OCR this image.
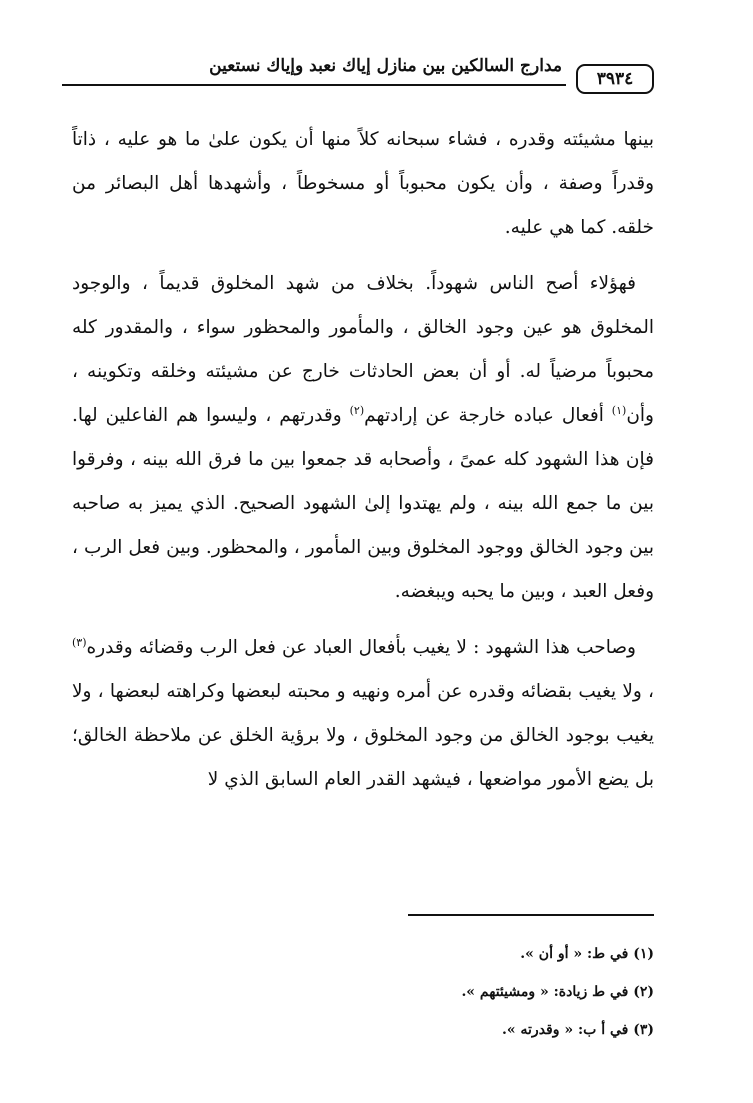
مدارج السالكين بين منازل إياك نعبد وإياك نستعين
٣٩٣٤

بينها مشيئته وقدره ، فشاء سبحانه كلاً منها أن يكون علىٰ ما هو عليه ، ذاتاً وقدراً وصفة ، وأن يكون محبوباً أو مسخوطاً ، وأشهدها أهل البصائر من خلقه. كما هي عليه.

فهؤلاء أصح الناس شهوداً. بخلاف من شهد المخلوق قديماً ، والوجود المخلوق هو عين وجود الخالق ، والمأمور والمحظور سواء ، والمقدور كله محبوباً مرضياً له. أو أن بعض الحادثات خارج عن مشيئته وخلقه وتكوينه ، وأن$^{(١)}$ أفعال عباده خارجة عن إرادتهم$^{(٢)}$ وقدرتهم ، وليسوا هم الفاعلين لها. فإن هذا الشهود كله عمىً ، وأصحابه قد جمعوا بين ما فرق الله بينه ، وفرقوا بين ما جمع الله بينه ، ولم يهتدوا إلىٰ الشهود الصحيح. الذي يميز به صاحبه بين وجود الخالق ووجود المخلوق وبين المأمور ، والمحظور. وبين فعل الرب ، وفعل العبد ، وبين ما يحبه ويبغضه.

وصاحب هذا الشهود : لا يغيب بأفعال العباد عن فعل الرب وقضائه وقدره$^{(٣)}$ ، ولا يغيب بقضائه وقدره عن أمره ونهيه و محبته لبعضها وكراهته لبعضها ، ولا يغيب بوجود الخالق من وجود المخلوق ، ولا برؤية الخلق عن ملاحظة الخالق؛ بل يضع الأمور مواضعها ، فيشهد القدر العام السابق الذي لا

(١) في ط: « أو أن ».

(٢) في ط زيادة: « ومشيئتهم ».

(٣) في أ ب: « وقدرته ».
